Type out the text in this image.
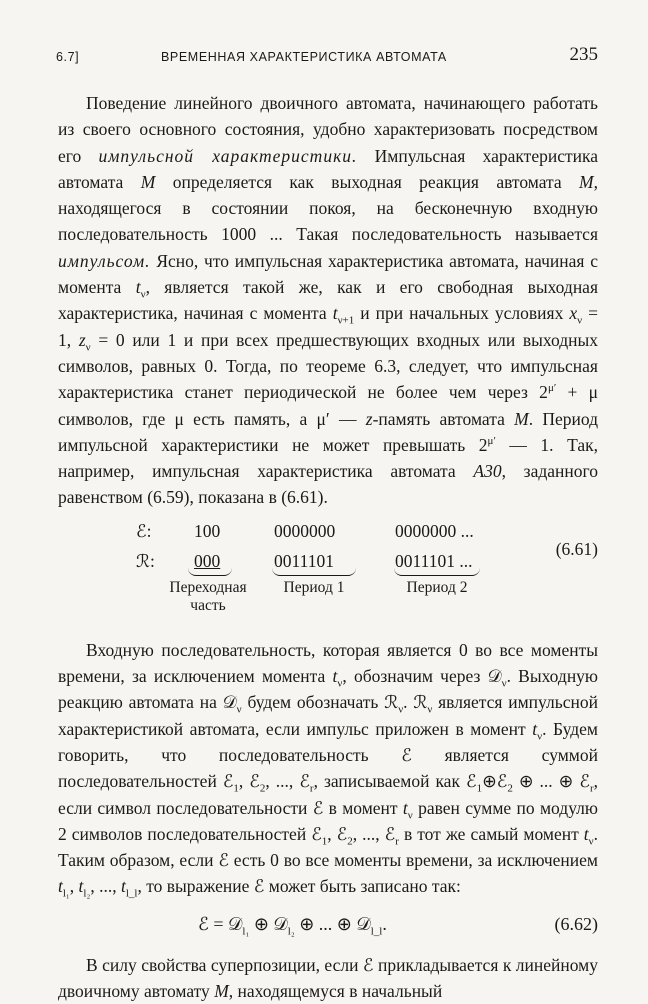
6.7]	ВРЕМЕННАЯ ХАРАКТЕРИСТИКА АВТОМАТА	235

Поведение линейного двоичного автомата, начинающего работать из своего основного состояния, удобно характеризовать посредством его импульсной характеристики. Импульсная характеристика автомата M определяется как выходная реакция автомата M, находящегося в состоянии покоя, на бесконечную входную последовательность 1000 ... Такая последовательность называется импульсом. Ясно, что импульсная характеристика автомата, начиная с момента $t_\nu$, является такой же, как и его свободная выходная характеристика, начиная с момента $t_{\nu+1}$ и при начальных условиях $x_\nu = 1$, $z_\nu = 0$ или 1 и при всех предшествующих входных или выходных символов, равных 0. Тогда, по теореме 6.3, следует, что импульсная характеристика станет периодической не более чем через $2^{\mu'} + \mu$ символов, где μ есть память, а μ′ — z-память автомата M. Период импульсной характеристики не может превышать $2^{\mu'}$ — 1. Так, например, импульсная характеристика автомата A30, заданного равенством (6.59), показана в (6.61).

ℰ: 100	0000000	0000000 ...
ℛ: 000	0011101	0011101 ...
Переходная часть
Период 1	Период 2
(6.61)

Входную последовательность, которая является 0 во все моменты времени, за исключением момента $t_\nu$, обозначим через 𝒟$_\nu$. Выходную реакцию автомата на 𝒟$_\nu$ будем обозначать ℛ$_\nu$. ℛ$_\nu$ является импульсной характеристикой автомата, если импульс приложен в момент $t_\nu$. Будем говорить, что последовательность ℰ является суммой последовательностей ℰ$_1$, ℰ$_2$, ..., ℰ$_r$, записываемой как ℰ$_1$⊕ℰ$_2$ ⊕ ... ⊕ ℰ$_r$, если символ последовательности ℰ в момент $t_\nu$ равен сумме по модулю 2 символов последовательностей ℰ$_1$, ℰ$_2$, ..., ℰ$_r$ в тот же самый момент $t_\nu$. Таким образом, если ℰ есть 0 во все моменты времени, за исключением $t_{l_1}$, $t_{l_2}$, ..., $t_{l\_l}$, то выражение ℰ может быть записано так:

ℰ = 𝒟$_{l_1}$ ⊕ 𝒟$_{l_2}$ ⊕ ... ⊕ 𝒟$_{l\_l}$.	(6.62)

В силу свойства суперпозиции, если ℰ прикладывается к линейному двоичному автомату M, находящемуся в начальный
